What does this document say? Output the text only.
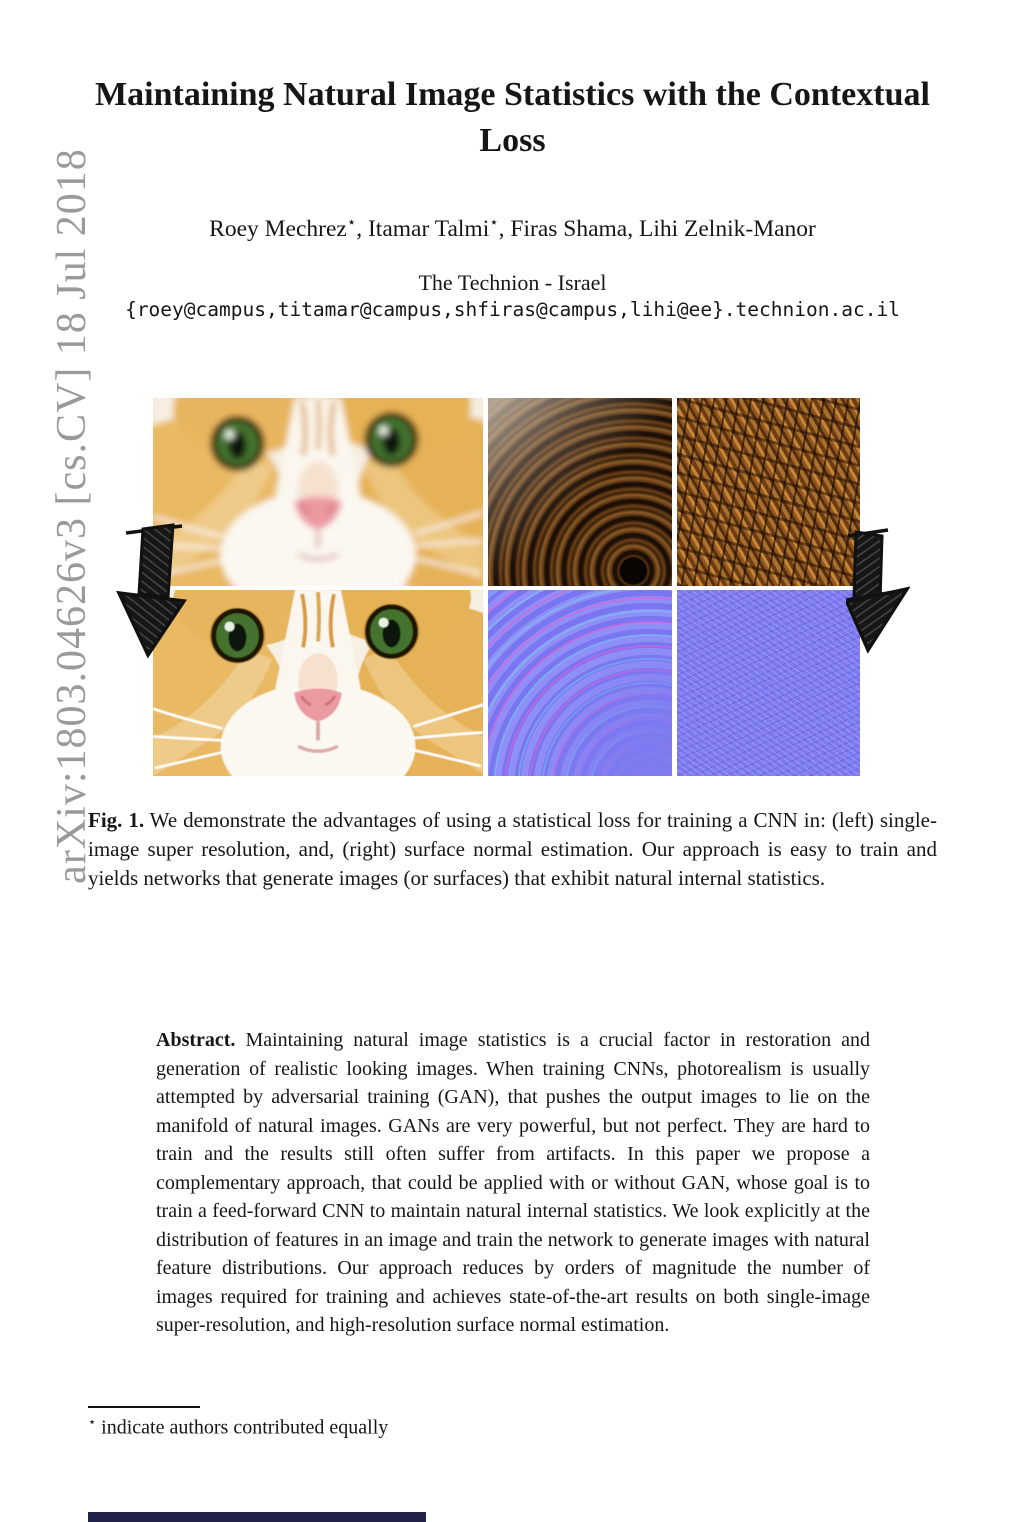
arXiv:1803.04626v3 [cs.CV] 18 Jul 2018
Maintaining Natural Image Statistics with the Contextual Loss
Roey Mechrez⋆, Itamar Talmi⋆, Firas Shama, Lihi Zelnik-Manor
The Technion - Israel
{roey@campus,titamar@campus,shfiras@campus,lihi@ee}.technion.ac.il
Fig. 1. We demonstrate the advantages of using a statistical loss for training a CNN in: (left) single-image super resolution, and, (right) surface normal estimation. Our approach is easy to train and yields networks that generate images (or surfaces) that exhibit natural internal statistics.
Abstract. Maintaining natural image statistics is a crucial factor in restoration and generation of realistic looking images. When training CNNs, photorealism is usually attempted by adversarial training (GAN), that pushes the output images to lie on the manifold of natural images. GANs are very powerful, but not perfect. They are hard to train and the results still often suffer from artifacts. In this paper we propose a complementary approach, that could be applied with or without GAN, whose goal is to train a feed-forward CNN to maintain natural internal statistics. We look explicitly at the distribution of features in an image and train the network to generate images with natural feature distributions. Our approach reduces by orders of magnitude the number of images required for training and achieves state-of-the-art results on both single-image super-resolution, and high-resolution surface normal estimation.
⋆ indicate authors contributed equally
